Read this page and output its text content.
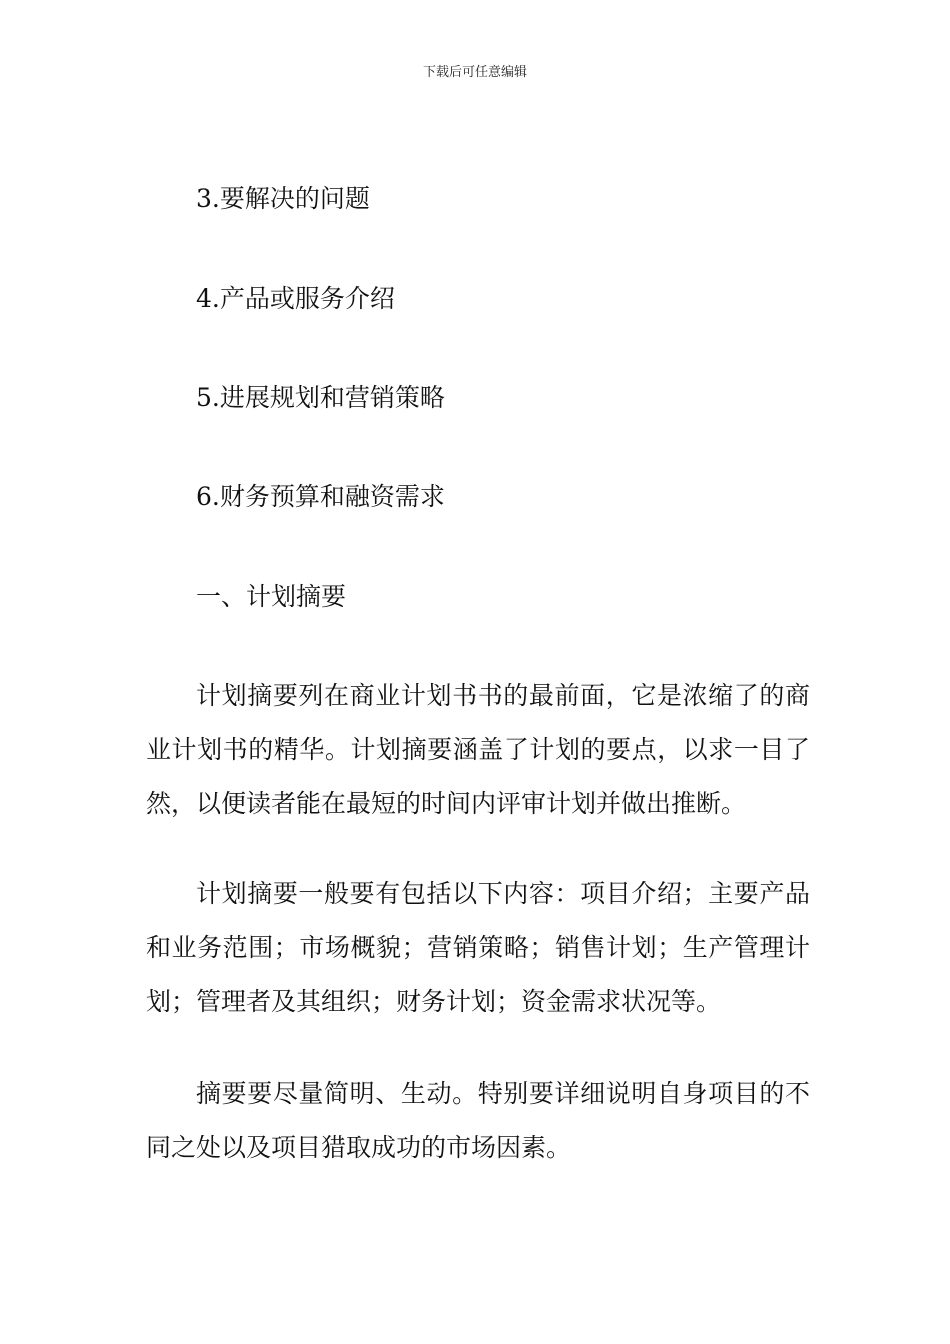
下载后可任意编辑
3.要解决的问题
4.产品或服务介绍
5.进展规划和营销策略
6.财务预算和融资需求
一、计划摘要
计划摘要列在商业计划书书的最前面，它是浓缩了的商业计划书的精华。计划摘要涵盖了计划的要点，以求一目了然，以便读者能在最短的时间内评审计划并做出推断。
计划摘要一般要有包括以下内容：项目介绍；主要产品和业务范围；市场概貌；营销策略；销售计划；生产管理计划；管理者及其组织；财务计划；资金需求状况等。
摘要要尽量简明、生动。特别要详细说明自身项目的不同之处以及项目猎取成功的市场因素。
